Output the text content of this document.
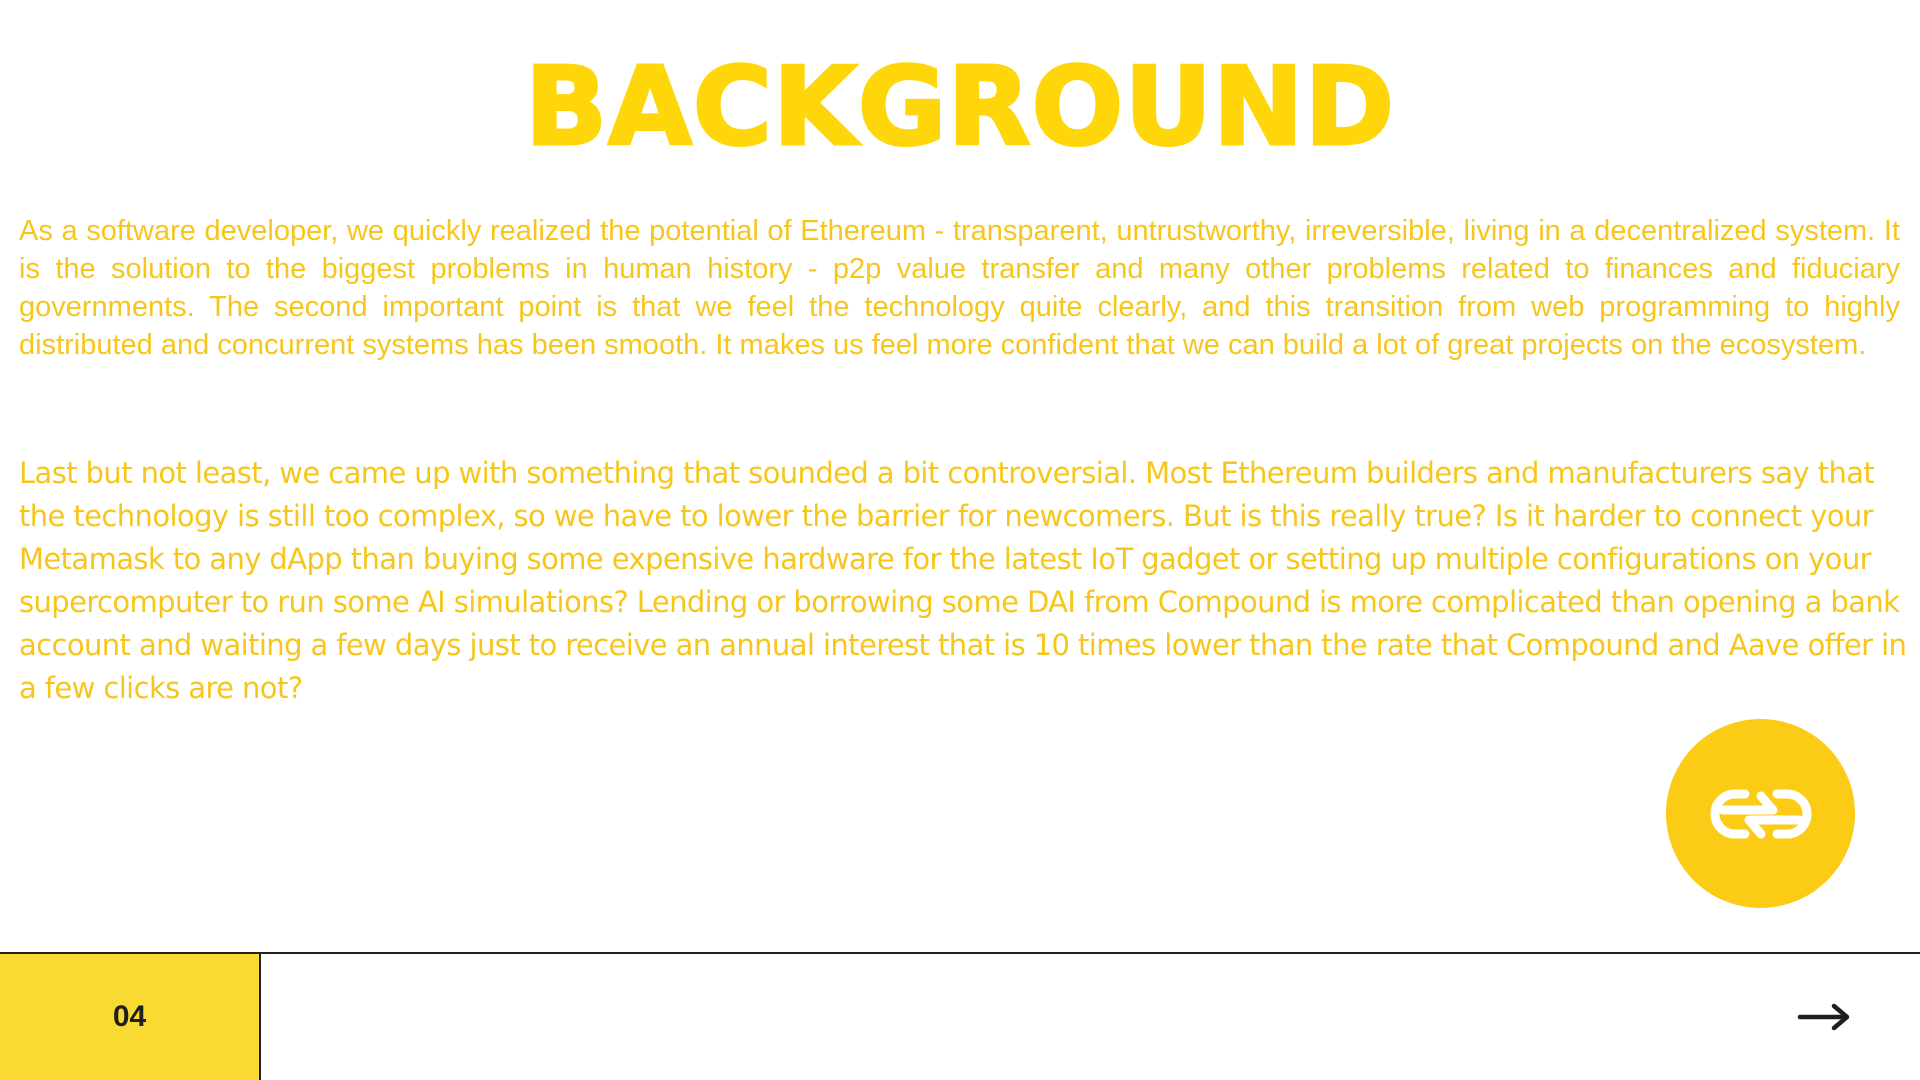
BACKGROUND

As a software developer, we quickly realized the potential of Ethereum - transparent, untrustworthy, irreversible, living in a decentralized system. It is the solution to the biggest problems in human history - p2p value transfer and many other problems related to finances and fiduciary governments. The second important point is that we feel the technology quite clearly, and this transition from web programming to highly distributed and concurrent systems has been smooth. It makes us feel more confident that we can build a lot of great projects on the ecosystem.

Last but not least, we came up with something that sounded a bit controversial. Most Ethereum builders and manufacturers say that the technology is still too complex, so we have to lower the barrier for newcomers. But is this really true? Is it harder to connect your Metamask to any dApp than buying some expensive hardware for the latest IoT gadget or setting up multiple configurations on your supercomputer to run some AI simulations? Lending or borrowing some DAI from Compound is more complicated than opening a bank account and waiting a few days just to receive an annual interest that is 10 times lower than the rate that Compound and Aave offer in a few clicks are not?

04
